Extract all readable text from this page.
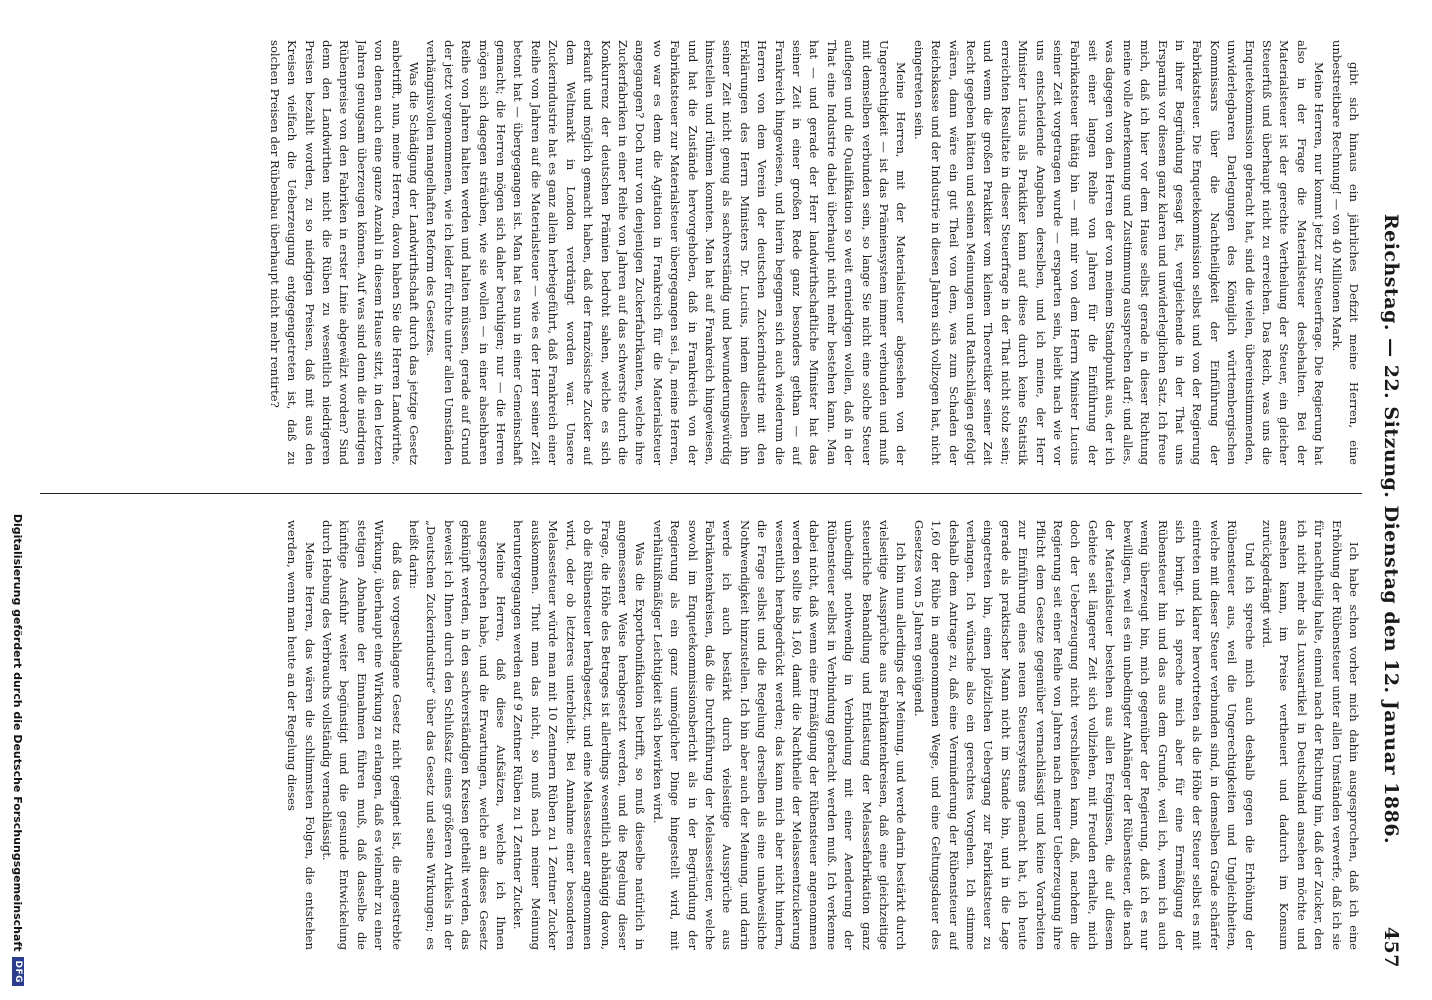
Reichstag. — 22. Sitzung. Dienstag den 12. Januar 1886.
457

gibt sich hinaus ein jährliches Defizit meine Herren, eine unbestreitbare Rechnung! — von 40 Millionen Mark.

Meine Herren, nur kommt jetzt zur Steuerfrage. Die Regierung hat also in der Frage die Materialsteuer desbehalten. Bei der Materialsteuer ist der gerechte Vertheilung der Steuer, ein gleicher Steuerfuß und überhaupt nicht zu erreichen. Das Reich, was uns die Enquetekommission gebracht hat, sind die vielen, übereinstimmenden, unwiderlegbaren Darlegungen des Königlich württembergischen Kommissars über die Nachtheiligkeit der Einführung der Fabrikatsteuer. Die Enquetekommission selbst und von der Regierung in ihrer Begründung gesagt ist, vergleichende in der That uns Ersparnis vor diesem ganz klaren und unwiderleglichen Satz. Ich freue mich, daß ich hier vor dem Hause selbst gerade in dieser Richtung meine volle Anerkennung und Zustimmung aussprechen darf; und alles, was dagegen von den Herren der von meinem Standpunkt aus, der ich seit einer langen Reihe von Jahren für die Einführung der Fabrikatsteuer thätig bin — mit mir von dem Herrn Minister Lucius seiner Zeit vorgetragen wurde — ersparten sein, bleibt nach wie vor uns entscheidende Angaben derselben, und ich meine, der Herr Minister Lucius als Praktiker kann auf diese durch keine Statistik erreichten Resultate in dieser Steuerfrage in der That nicht stolz sein; und wenn die großen Praktiker vom kleinen Theoretiker seiner Zeit Recht gegeben hätten und seinen Meinungen und Rathschlägen gefolgt wären, dann wäre ein gut Theil von dem, was zum Schaden der Reichskasse und der Industrie in diesen Jahren sich vollzogen hat, nicht eingetreten sein.

Meine Herren, mit der Materialsteuer abgesehen von der Ungerechtigkeit — ist das Prämiensystem immer verbunden und muß mit demselben verbunden sein, so lange Sie nicht eine solche Steuer auflegen und die Qualifikation so weit erniedrigen wollen, daß in der That eine Industrie dabei überhaupt nicht mehr bestehen kann. Man hat — und gerade der Herr landwirthschaftliche Minister hat das seiner Zeit in einer großen Rede ganz besonders gethan — auf Frankreich hingewiesen, und hierin begegnen sich auch wiederum die Herren von dem Verein der deutschen Zuckerindustrie mit den Erklärungen des Herrn Ministers Dr. Lucius, indem dieselben ihn seiner Zeit nicht genug als sachverständig und bewunderungswürdig hinstellen und rühmen konnten. Man hat auf Frankreich hingewiesen, und hat die Zustände hervorgehoben, daß in Frankreich von der Fabrikatsteuer zur Materialsteuer übergegangen sei. Ja, meine Herren, wo war es denn die Agitation in Frankreich für die Materialsteuer angegangen? Doch nur von denjenigen Zuckerfabrikanten, welche ihre Zuckerfabriken in einer Reihe von Jahren auf das schwerste durch die Konkurrenz der deutschen Prämien bedroht sahen, welche es sich erkauft und möglich gemacht haben, daß der französische Zucker auf dem Weltmarkt in London verdrängt worden war. Unsere Zuckerindustrie hat es ganz allein herbeigeführt, daß Frankreich einer Reihe von Jahren auf die Materialsteuer — wie es der Herr seiner Zeit betont hat — übergegangen ist. Man hat es nun in einer Gemeinschaft gemacht; die Herren mögen sich daher beruhigen; nur — die Herren mögen sich dagegen sträuben, wie sie wollen — in einer absehbaren Reihe von Jahren halten werden und halten müssen, gerade auf Grund der jetzt vorgenommenen, wie ich leider fürchte unter allen Umständen verhängnisvollen mangelhaften Reform des Gesetzes.

Was die Schädigung der Landwirthschaft durch das jetzige Gesetz anbetrifft, nun, meine Herren, davon haben Sie die Herren Landwirthe, von denen auch eine ganze Anzahl in diesem Hause sitzt, in den letzten Jahren genugsam überzeugen können. Auf was sind denn die niedrigen Rübenpreise von den Fabriken in erster Linie abgewälzt worden? Sind denn den Landwirthen nicht die Rüben zu wesentlich niedrigeren Preisen bezahlt worden, zu so niedrigen Preisen, daß mit aus den Kreisen vielfach die Ueberzeugung entgegengetreten ist, daß zu solchen Preisen der Rübenbau überhaupt nicht mehr rentirte?

Ich habe schon vorher mich dahin ausgesprochen, daß ich eine Erhöhung der Rübensteuer unter allen Umständen verwerfe, daß ich sie für nachtheilig halte, einmal nach der Richtung hin, daß der Zucker, den ich nicht mehr als Luxusartikel in Deutschland ansehen möchte und ansehen kann, im Preise vertheuert und dadurch im Konsum zurückgedrängt wird.

Und ich spreche mich auch deshalb gegen die Erhöhung der Rübensteuer aus, weil die Ungerechtigkeiten und Ungleichheiten, welche mit dieser Steuer verbunden sind, in demselben Grade schärfer eintreten und klarer hervortreten als die Höhe der Steuer selbst es mit sich bringt. Ich spreche mich aber für eine Ermäßigung der Rübensteuer hin und das aus dem Grunde, weil ich, wenn ich auch wenig überzeugt bin, mich gegenüber der Regierung, daß ich es nur bewilligen, weil es ein unbedingter Anhänger der Rübensteuer, die nach der Materialsteuer bestehen aus allen Ereignissen, die auf diesem Gebiete seit längerer Zeit sich vollziehen, mit Freuden erhalte, mich doch der Ueberzeugung nicht verschließen kann, daß, nachdem die Regierung seit einer Reihe von Jahren nach meiner Ueberzeugung ihre Pflicht dem Gesetze gegenüber vernachlässigt und keine Vorarbeiten zur Einführung eines neuen Steuersystems gemacht hat, ich heute gerade als praktischer Mann nicht im Stande bin, und in die Lage eingetreten bin, einen plötzlichen Uebergang zur Fabrikatsteuer zu verlangen. Ich wünsche also ein gerechtes Vorgehen. Ich stimme deshalb dem Antrage zu, daß eine Verminderung der Rübensteuer auf 1,60 der Rübe in angenommenen Wege, und eine Geltungsdauer des Gesetzes von 5 Jahren genügend.

Ich bin nun allerdings der Meinung, und werde darin bestärkt durch vielseitige Aussprüche aus Fabrikantenkreisen, daß eine gleichzeitige steuerliche Behandlung und Entlastung der Melassefabrikation ganz unbedingt nothwendig in Verbindung mit einer Aenderung der Rübensteuer selbst in Verbindung gebracht werden muß. Ich verkenne dabei nicht, daß wenn eine Ermäßigung der Rübensteuer angenommen werden sollte bis 1,60, damit die Nachtheile der Melasseentzuckerung wesentlich herabgedrückt werden; das kann mich aber nicht hindern, die Frage selbst und die Regelung derselben als eine unabweisliche Nothwendigkeit hinzustellen. Ich bin aber auch der Meinung, und darin werde ich auch bestärkt durch vielseitige Aussprüche aus Fabrikantenkreisen, daß die Durchführung der Melassesteuer, welche sowohl im Enquetekommissionsbericht als in der Begründung der Regierung als ein ganz unmöglicher Dinge hingestellt wird, mit verhältnißmäßiger Leichtigkeit sich bewirken wird.

Was die Exportbonifikation betrifft, so muß dieselbe natürlich in angemessener Weise herabgesetzt werden, und die Regelung dieser Frage, die Höhe des Betrages ist allerdings wesentlich abhängig davon, ob die Rübensteuer herabgesetzt, und eine Melassesteuer angenommen wird, oder ob letzteres unterbleibt. Bei Annahme einer besonderen Melassesteuer würde man mit 10 Zentnern Rüben zu 1 Zentner Zucker auskommen. Thut man das nicht, so muß nach meiner Meinung heruntergegangen werden auf 9 Zentner Rüben zu 1 Zentner Zucker.

Meine Herren, daß diese Aufsätzen, welche ich Ihnen ausgesprochen habe, und die Erwartungen, welche an dieses Gesetz geknüpft werden, in den sachverständigen Kreisen getheilt werden, das beweist ich Ihnen durch den Schlußsatz eines größeren Artikels in der „Deutschen Zuckerindustrie“ über das Gesetz und seine Wirkungen; es heißt darin:

daß das vorgeschlagene Gesetz nicht geeignet ist, die angestrebte Wirkung, überhaupt eine Wirkung zu erlangen, daß es vielmehr zu einer stetigen Abnahme der Einnahmen führen muß, daß dasselbe die künftige Ausfuhr weiter begünstigt und die gesunde Entwickelung durch Hebung des Verbrauchs vollständig vernachlässigt.

Meine Herren, das wären die schlimmsten Folgen, die entstehen werden, wenn man heute an der Regelung dieses

DFG
Digitalisierung gefördert durch die Deutsche Forschungsgemeinschaft
